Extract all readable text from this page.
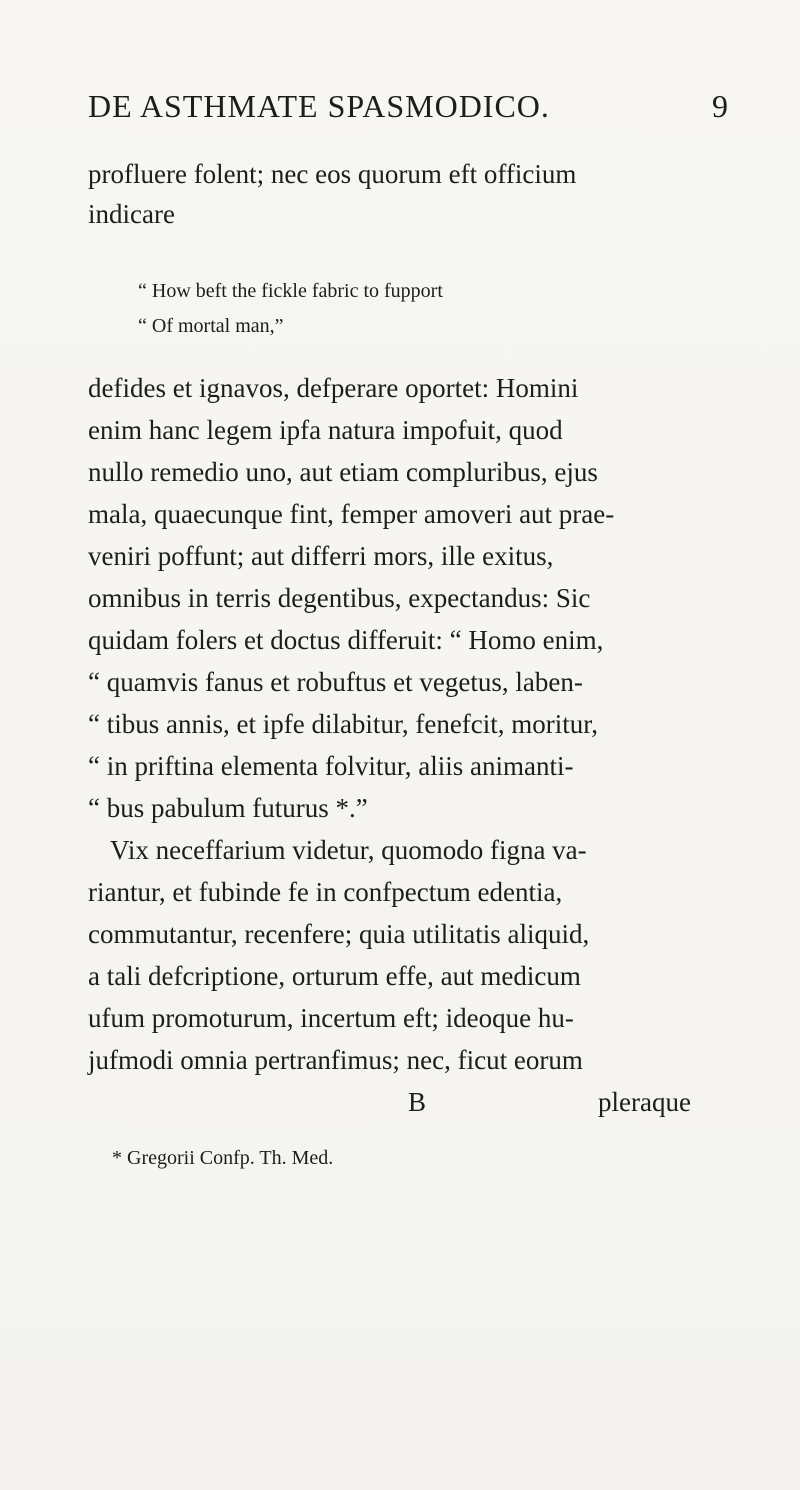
DE ASTHMATE SPASMODICO.	9
profluere folent; nec eos quorum eft officium
indicare
“ How beft the fickle fabric to fupport
“ Of mortal man,”
defides et ignavos, defperare oportet: Homini
enim hanc legem ipfa natura impofuit, quod
nullo remedio uno, aut etiam compluribus, ejus
mala, quaecunque fint, femper amoveri aut prae-
veniri poffunt; aut differri mors, ille exitus,
omnibus in terris degentibus, expectandus: Sic
quidam folers et doctus differuit: “ Homo enim,
“ quamvis fanus et robuftus et vegetus, laben-
“ tibus annis, et ipfe dilabitur, fenefcit, moritur,
“ in priftina elementa folvitur, aliis animanti-
“ bus pabulum futurus *.”
Vix neceffarium videtur, quomodo figna va-
riantur, et fubinde fe in confpectum edentia,
commutantur, recenfere; quia utilitatis aliquid,
a tali defcriptione, orturum effe, aut medicum
ufum promoturum, incertum eft; ideoque hu-
jufmodi omnia pertranfimus; nec, ficut eorum
B	pleraque
* Gregorii Confp. Th. Med.
